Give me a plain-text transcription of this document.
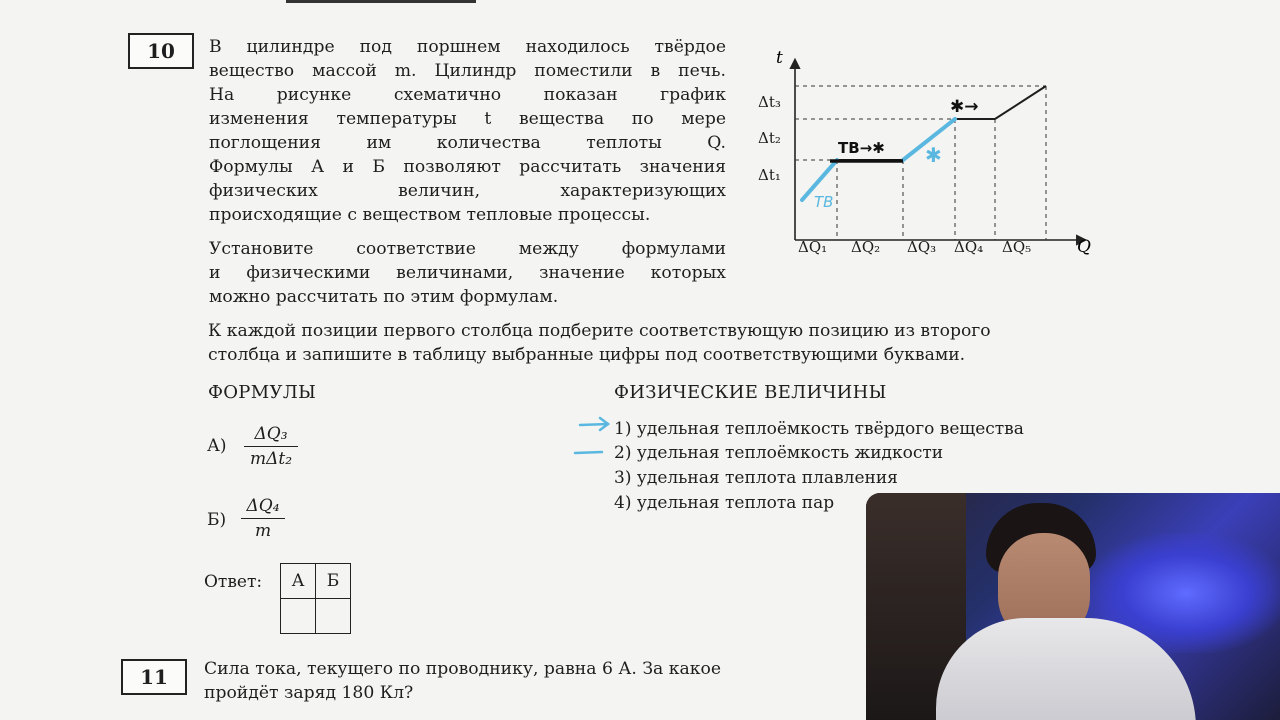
10	В цилиндре под поршнем находилось твёрдое
вещество массой m. Цилиндр поместили в печь.
На рисунке схематично показан график
изменения температуры t вещества по мере
поглощения им количества теплоты Q.
Формулы А и Б позволяют рассчитать значения
физических величин, характеризующих
происходящие с веществом тепловые процессы.
Установите соответствие между формулами
и физическими величинами, значение которых
можно рассчитать по этим формулам.
К каждой позиции первого столбца подберите соответствующую позицию из второго
столбца и запишите в таблицу выбранные цифры под соответствующими буквами.
t
Q
Δt₁
Δt₂
Δt₃
ΔQ₁ ΔQ₂ ΔQ₃ ΔQ₄ ΔQ₅
ТВ
ТВ→✱ ✱
✱→
ФОРМУЛЫ	ФИЗИЧЕСКИЕ ВЕЛИЧИНЫ
А)
ΔQ₃
mΔt₂
Б)
ΔQ₄
m
1) удельная теплоёмкость твёрдого вещества
2) удельная теплоёмкость жидкости
3) удельная теплота плавления
4) удельная теплота пар
Ответ: А	Б

11	Сила тока, текущего по проводнику, равна 6 А. За какое
пройдёт заряд 180 Кл?
